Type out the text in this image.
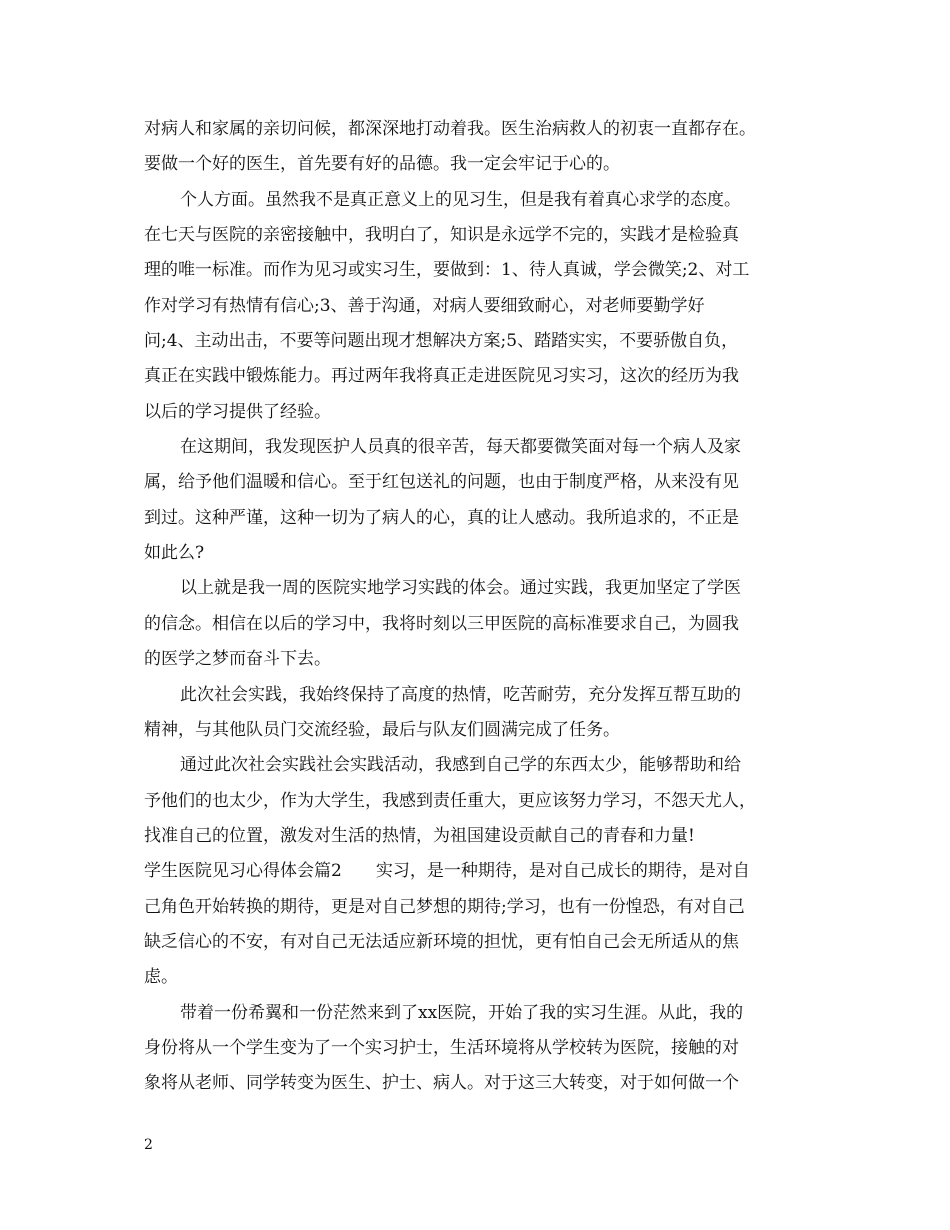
对病人和家属的亲切问候，都深深地打动着我。医生治病救人的初衷一直都存在。
要做一个好的医生，首先要有好的品德。我一定会牢记于心的。
个人方面。虽然我不是真正意义上的见习生，但是我有着真心求学的态度。
在七天与医院的亲密接触中，我明白了，知识是永远学不完的，实践才是检验真
理的唯一标准。而作为见习或实习生，要做到：1、待人真诚，学会微笑;2、对工
作对学习有热情有信心;3、善于沟通，对病人要细致耐心，对老师要勤学好
问;4、主动出击，不要等问题出现才想解决方案;5、踏踏实实，不要骄傲自负，
真正在实践中锻炼能力。再过两年我将真正走进医院见习实习，这次的经历为我
以后的学习提供了经验。
在这期间，我发现医护人员真的很辛苦，每天都要微笑面对每一个病人及家
属，给予他们温暖和信心。至于红包送礼的问题，也由于制度严格，从来没有见
到过。这种严谨，这种一切为了病人的心，真的让人感动。我所追求的，不正是
如此么?
以上就是我一周的医院实地学习实践的体会。通过实践，我更加坚定了学医
的信念。相信在以后的学习中，我将时刻以三甲医院的高标准要求自己，为圆我
的医学之梦而奋斗下去。
此次社会实践，我始终保持了高度的热情，吃苦耐劳，充分发挥互帮互助的
精神，与其他队员门交流经验，最后与队友们圆满完成了任务。
通过此次社会实践社会实践活动，我感到自己学的东西太少，能够帮助和给
予他们的也太少，作为大学生，我感到责任重大，更应该努力学习，不怨天尤人，
找准自己的位置，激发对生活的热情，为祖国建设贡献自己的青春和力量!
学生医院见习心得体会篇2　　实习，是一种期待，是对自己成长的期待，是对自
己角色开始转换的期待，更是对自己梦想的期待;学习，也有一份惶恐，有对自己
缺乏信心的不安，有对自己无法适应新环境的担忧，更有怕自己会无所适从的焦
虑。
带着一份希翼和一份茫然来到了xx医院，开始了我的实习生涯。从此，我的
身份将从一个学生变为了一个实习护士，生活环境将从学校转为医院，接触的对
象将从老师、同学转变为医生、护士、病人。对于这三大转变，对于如何做一个
2
